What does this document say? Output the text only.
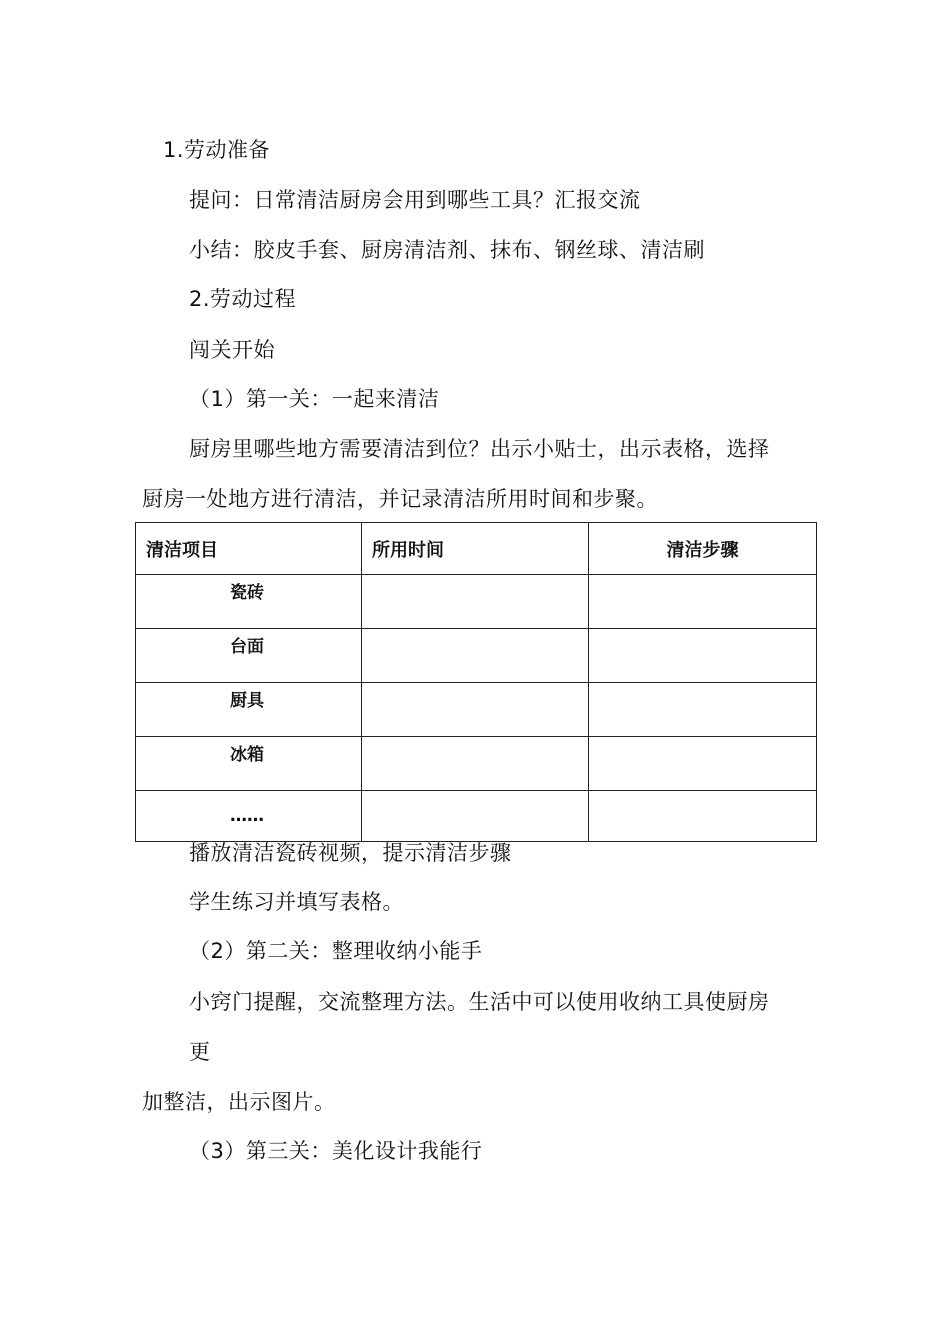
1.劳动准备
提问：日常清洁厨房会用到哪些工具？汇报交流
小结：胶皮手套、厨房清洁剂、抹布、钢丝球、清洁刷
2.劳动过程
闯关开始
（1）第一关：一起来清洁
厨房里哪些地方需要清洁到位？出示小贴士，出示表格，选择
厨房一处地方进行清洁，并记录清洁所用时间和步聚。
清洁项目	所用时间	清洁步骤
瓷砖		
台面		
厨具		
冰箱		
……		
播放清洁瓷砖视频，提示清洁步骤
学生练习并填写表格。
（2）第二关：整理收纳小能手
小窍门提醒，交流整理方法。生活中可以使用收纳工具使厨房
更
加整洁，出示图片。
（3）第三关：美化设计我能行
